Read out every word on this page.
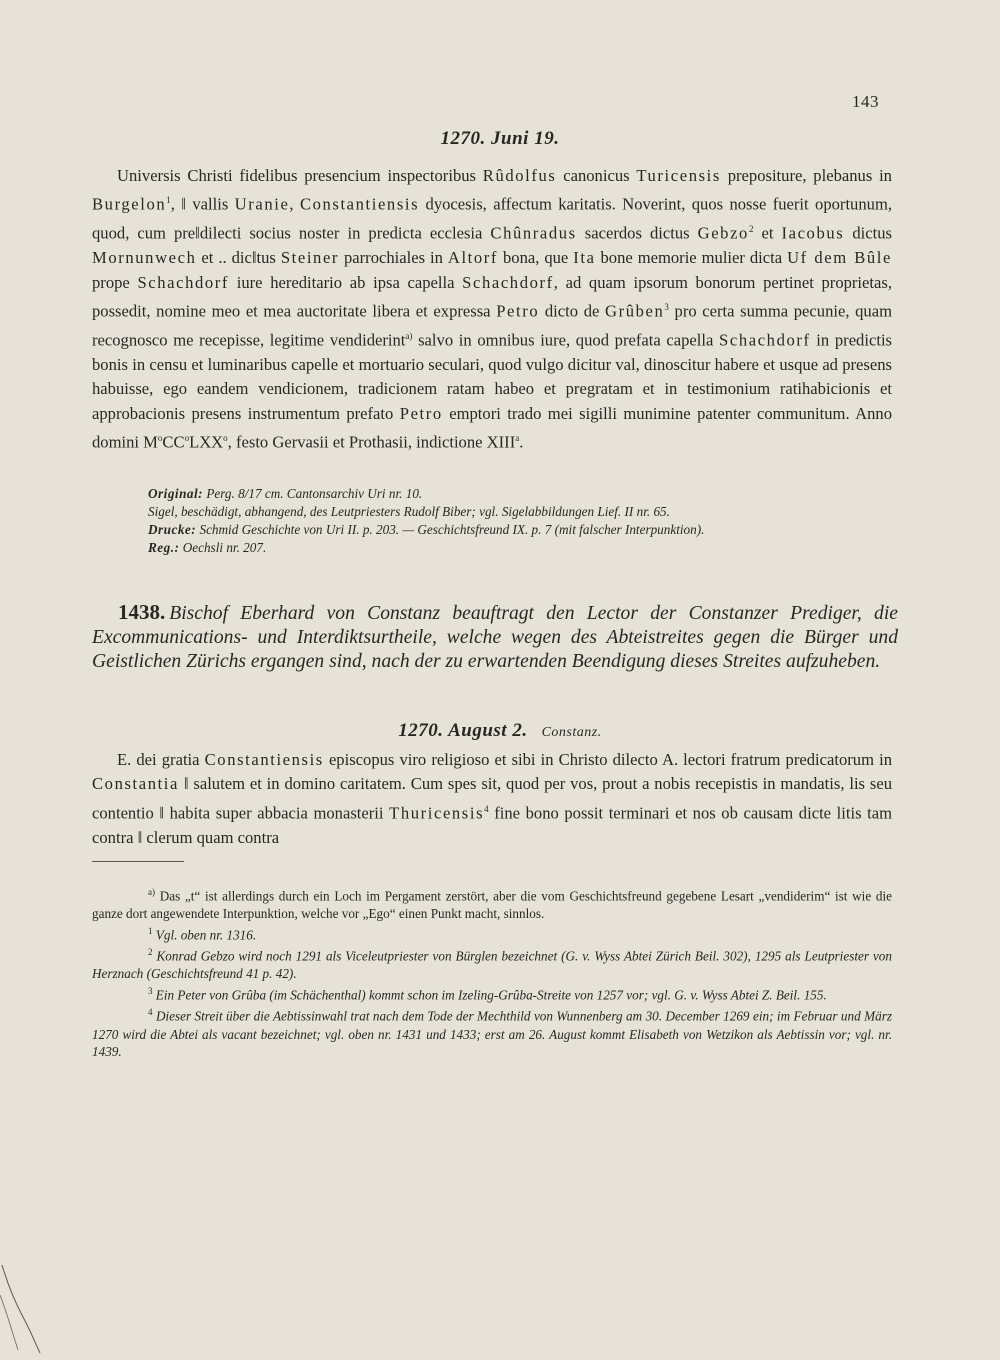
143
1270. Juni 19.

Universis Christi fidelibus presencium inspectoribus Rûdolfus canonicus Turicensis prepositure, plebanus in Burgelon$^1$, ‖ vallis Uranie, Constantiensis dyocesis, affectum karitatis. Noverint, quos nosse fuerit oportunum, quod, cum pre‖dilecti socius noster in predicta ecclesia Chûnradus sacerdos dictus Gebzo$^2$ et Iacobus dictus Mornunwech et .. dic‖tus Steiner parrochiales in Altorf bona, que Ita bone memorie mulier dicta Uf dem Bûle prope Schachdorf iure hereditario ab ipsa capella Schachdorf, ad quam ipsorum bonorum pertinet proprietas, possedit, nomine meo et mea auctoritate libera et expressa Petro dicto de Grûben$^3$ pro certa summa pecunie, quam recognosco me recepisse, legitime vendiderint$^{a)}$ salvo in omnibus iure, quod prefata capella Schachdorf in predictis bonis in censu et luminaribus capelle et mortuario seculari, quod vulgo dicitur val, dinoscitur habere et usque ad presens habuisse, ego eandem vendicionem, tradicionem ratam habeo et pregratam et in testimonium ratihabicionis et approbacionis presens instrumentum prefato Petro emptori trado mei sigilli munimine patenter communitum. Anno domini $M^oCC^oLXX^o$, festo Gervasii et Prothasii, indictione XIII$^a$.

Original: Perg. 8/17 cm. Cantonsarchiv Uri nr. 10.

Sigel, beschädigt, abhangend, des Leutpriesters Rudolf Biber; vgl. Sigelabbildungen Lief. II nr. 65.

Drucke: Schmid Geschichte von Uri II. p. 203. — Geschichtsfreund IX. p. 7 (mit falscher Interpunktion).

Reg.: Oechsli nr. 207.

1438. Bischof Eberhard von Constanz beauftragt den Lector der Constanzer Prediger, die Excommunications- und Interdiktsurtheile, welche wegen des Abteistreites gegen die Bürger und Geistlichen Zürichs ergangen sind, nach der zu erwartenden Beendigung dieses Streites aufzuheben.
1270. August 2. Constanz.

E. dei gratia Constantiensis episcopus viro religioso et sibi in Christo dilecto A. lectori fratrum predicatorum in Constantia ‖ salutem et in domino caritatem. Cum spes sit, quod per vos, prout a nobis recepistis in mandatis, lis seu contentio ‖ habita super abbacia monasterii Thuricensis$^4$ fine bono possit terminari et nos ob causam dicte litis tam contra ‖ clerum quam contra

$^{a)}$ Das „t“ ist allerdings durch ein Loch im Pergament zerstört, aber die vom Geschichtsfreund gegebene Lesart „vendiderim“ ist wie die ganze dort angewendete Interpunktion, welche vor „Ego“ einen Punkt macht, sinnlos.

$^1$ Vgl. oben nr. 1316.

$^2$ Konrad Gebzo wird noch 1291 als Viceleutpriester von Bürglen bezeichnet (G. v. Wyss Abtei Zürich Beil. 302), 1295 als Leutpriester von Herznach (Geschichtsfreund 41 p. 42).

$^3$ Ein Peter von Grûba (im Schächenthal) kommt schon im Izeling-Grûba-Streite von 1257 vor; vgl. G. v. Wyss Abtei Z. Beil. 155.

$^4$ Dieser Streit über die Aebtissinwahl trat nach dem Tode der Mechthild von Wunnenberg am 30. December 1269 ein; im Februar und März 1270 wird die Abtei als vacant bezeichnet; vgl. oben nr. 1431 und 1433; erst am 26. August kommt Elisabeth von Wetzikon als Aebtissin vor; vgl. nr. 1439.
